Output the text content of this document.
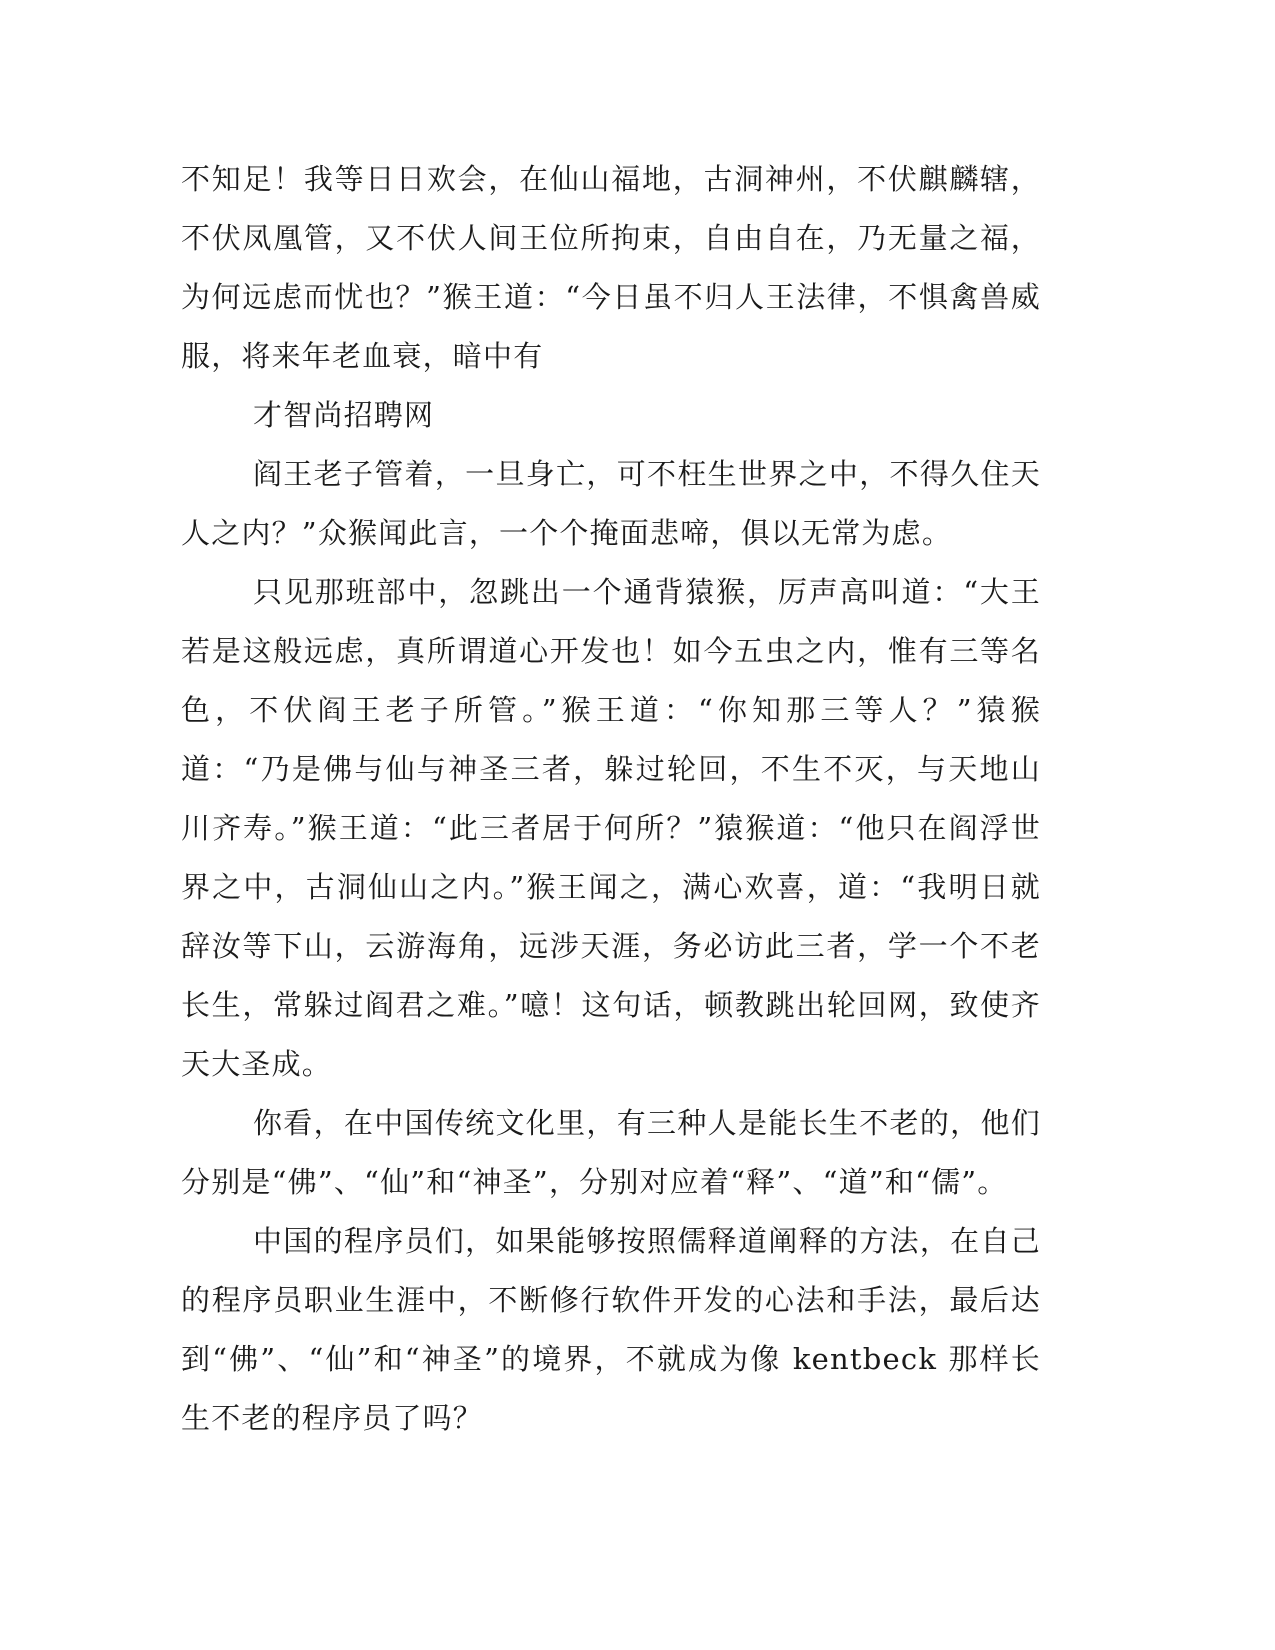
不知足！我等日日欢会，在仙山福地，古洞神州，不伏麒麟辖，不伏凤凰管，又不伏人间王位所拘束，自由自在，乃无量之福，为何远虑而忧也？”猴王道：“今日虽不归人王法律，不惧禽兽威服，将来年老血衰，暗中有

才智尚招聘网

阎王老子管着，一旦身亡，可不枉生世界之中，不得久住天人之内？”众猴闻此言，一个个掩面悲啼，俱以无常为虑。

只见那班部中，忽跳出一个通背猿猴，厉声高叫道：“大王若是这般远虑，真所谓道心开发也！如今五虫之内，惟有三等名色，不伏阎王老子所管。”猴王道：“你知那三等人？”猿猴道：“乃是佛与仙与神圣三者，躲过轮回，不生不灭，与天地山川齐寿。”猴王道：“此三者居于何所？”猿猴道：“他只在阎浮世界之中，古洞仙山之内。”猴王闻之，满心欢喜，道：“我明日就辞汝等下山，云游海角，远涉天涯，务必访此三者，学一个不老长生，常躲过阎君之难。”噫！这句话，顿教跳出轮回网，致使齐天大圣成。

你看，在中国传统文化里，有三种人是能长生不老的，他们分别是“佛”、“仙”和“神圣”，分别对应着“释”、“道”和“儒”。

中国的程序员们，如果能够按照儒释道阐释的方法，在自己的程序员职业生涯中，不断修行软件开发的心法和手法，最后达到“佛”、“仙”和“神圣”的境界，不就成为像 kentbeck 那样长生不老的程序员了吗？
